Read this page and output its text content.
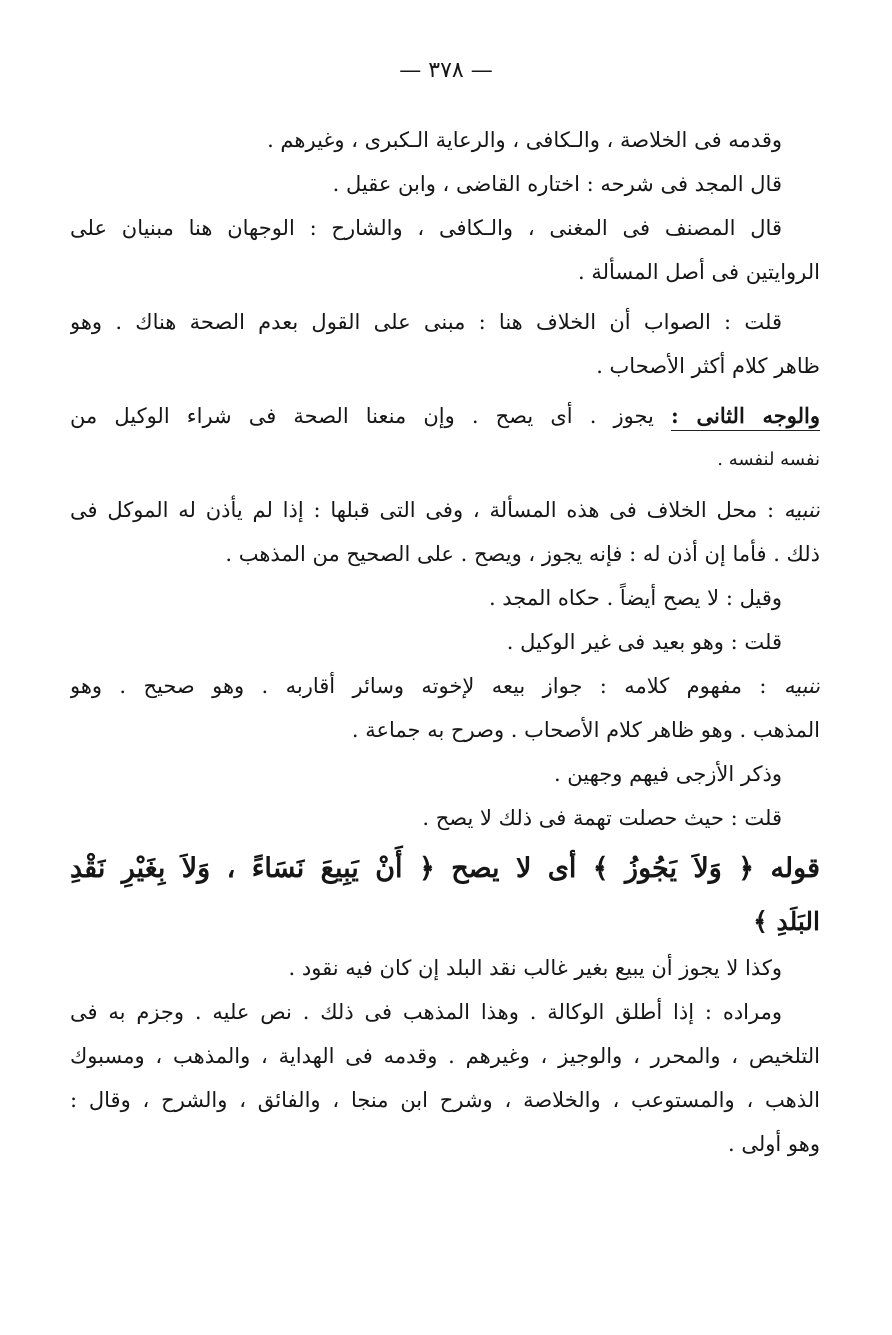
— ٣٧٨ —
وقدمه فى الخلاصة ، والـكافى ، والرعاية الـكبرى ، وغيرهم .
قال المجد فى شرحه : اختاره القاضى ، وابن عقيل .
قال المصنف فى المغنى ، والـكافى ، والشارح : الوجهان هنا مبنيان على
الروايتين فى أصل المسألة .
قلت : الصواب أن الخلاف هنا : مبنى على القول بعدم الصحة هناك . وهو
ظاهر كلام أكثر الأصحاب .
والوجه الثانى : يجوز . أى يصح . وإن منعنا الصحة فى شراء الوكيل من
نفسه لنفسه .
تنبيه : محل الخلاف فى هذه المسألة ، وفى التى قبلها : إذا لم يأذن له الموكل فى
ذلك . فأما إن أذن له : فإنه يجوز ، ويصح . على الصحيح من المذهب .
وقيل : لا يصح أيضاً . حكاه المجد .
قلت : وهو بعيد فى غير الوكيل .
تنبيه : مفهوم كلامه : جواز بيعه لإخوته وسائر أقاربه . وهو صحيح . وهو
المذهب . وهو ظاهر كلام الأصحاب . وصرح به جماعة .
وذكر الأزجى فيهم وجهين .
قلت : حيث حصلت تهمة فى ذلك لا يصح .
قوله ﴿ وَلاَ يَجُوزُ ﴾ أى لا يصح ﴿ أَنْ يَبِيعَ نَسَاءً ، وَلاَ بِغَيْرِ نَقْدِ
البَلَدِ ﴾
وكذا لا يجوز أن يبيع بغير غالب نقد البلد إن كان فيه نقود .
ومراده : إذا أطلق الوكالة . وهذا المذهب فى ذلك . نص عليه . وجزم به فى
التلخيص ، والمحرر ، والوجيز ، وغيرهم . وقدمه فى الهداية ، والمذهب ، ومسبوك
الذهب ، والمستوعب ، والخلاصة ، وشرح ابن منجا ، والفائق ، والشرح ، وقال :
وهو أولى .
